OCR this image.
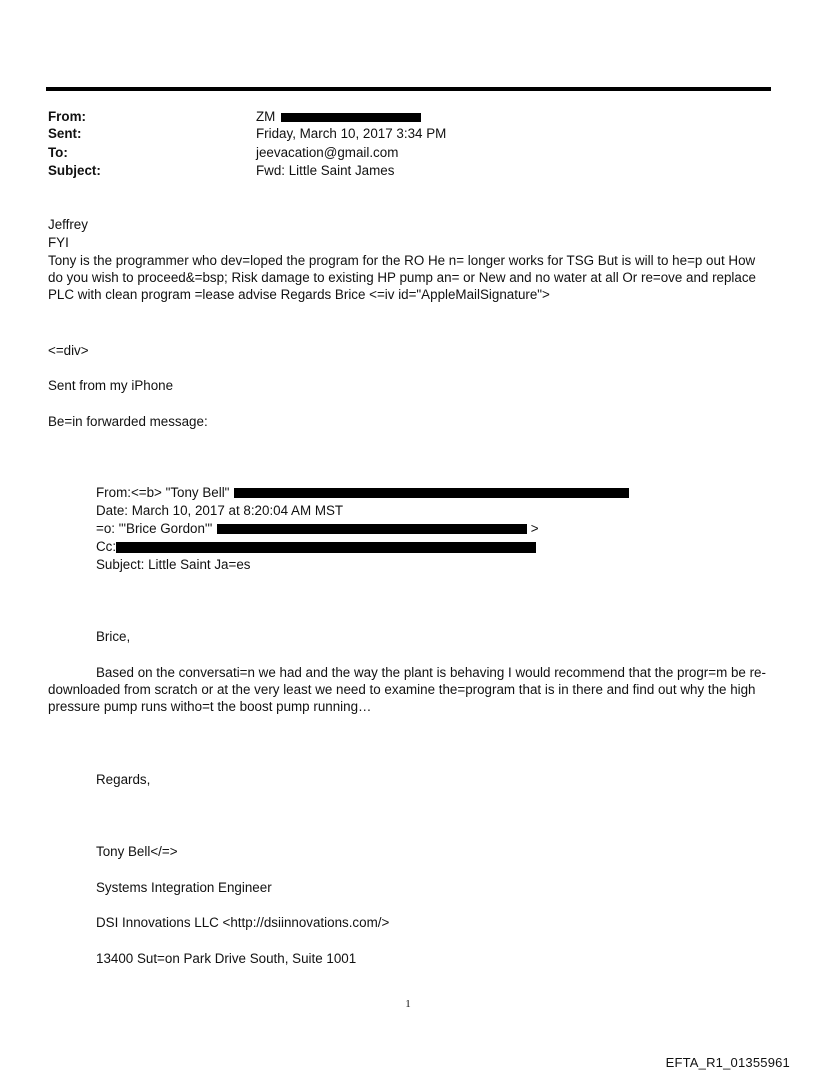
From:	ZM
Sent:	Friday, March 10, 2017 3:34 PM
To:	jeevacation@gmail.com
Subject:	Fwd: Little Saint James
Jeffrey
FYI
Tony is the programmer who dev=loped the program for the RO He n= longer works for TSG But is will to he=p out How do you wish to proceed&=bsp; Risk damage to existing HP pump an= or New and no water at all Or re=ove and replace PLC with clean program =lease advise Regards Brice <=iv id="AppleMailSignature">
<=div>
Sent from my iPhone
Be=in forwarded message:
From:<=b> "Tony Bell"
Date: March 10, 2017 at 8:20:04 AM MST
=o: "'Brice Gordon'"	>
Cc:
Subject: Little Saint Ja=es
Brice,
Based on the conversati=n we had and the way the plant is behaving I would recommend that the progr=m be re-downloaded from scratch or at the very least we need to examine the=program that is in there and find out why the high pressure pump runs witho=t the boost pump running…
Regards,
Tony Bell</=>
Systems Integration Engineer
DSI Innovations LLC <http://dsiinnovations.com/>
13400 Sut=on Park Drive South, Suite 1001
1
EFTA_R1_01355961
